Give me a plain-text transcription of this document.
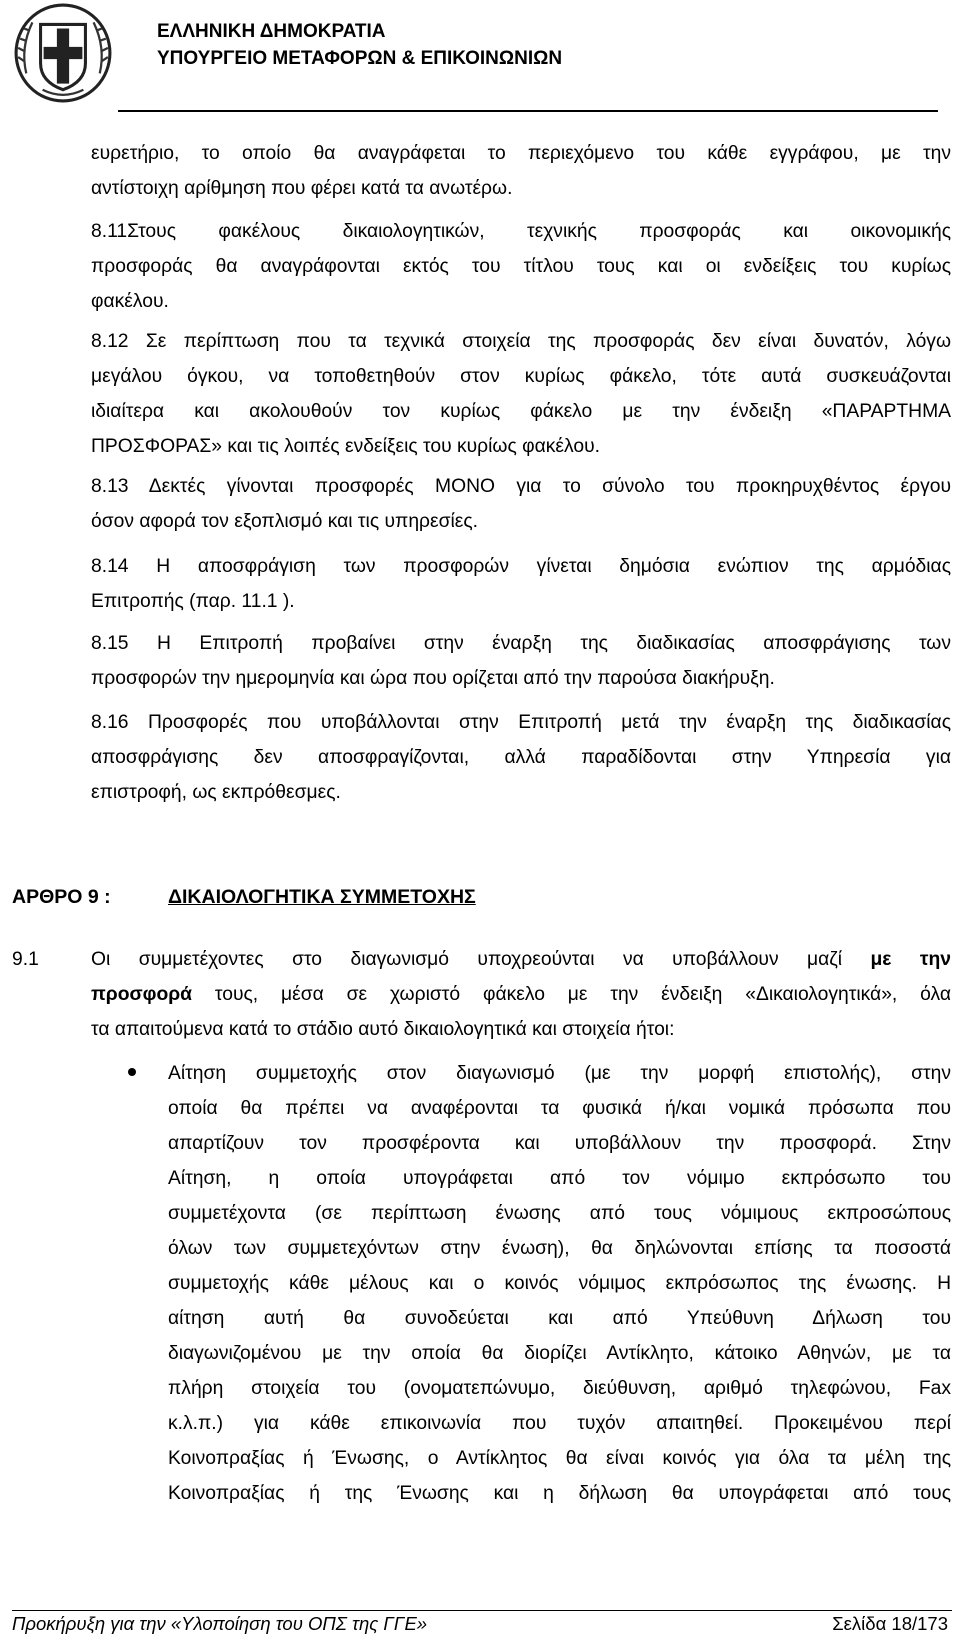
ΕΛΛΗΝΙΚΗ ΔΗΜΟΚΡΑΤΙΑ
ΥΠΟΥΡΓΕΙΟ ΜΕΤΑΦΟΡΩΝ & ΕΠΙΚΟΙΝΩΝΙΩΝ
ευρετήριο, το οποίο θα αναγράφεται το περιεχόμενο του κάθε εγγράφου, με την
αντίστοιχη αρίθμηση που φέρει κατά τα ανωτέρω.
8.11Στους φακέλους δικαιολογητικών, τεχνικής προσφοράς και οικονομικής
προσφοράς θα αναγράφονται εκτός του τίτλου τους και οι ενδείξεις του κυρίως
φακέλου.
8.12 Σε περίπτωση που τα τεχνικά στοιχεία της προσφοράς δεν είναι δυνατόν, λόγω
μεγάλου όγκου, να τοποθετηθούν στον κυρίως φάκελο, τότε αυτά συσκευάζονται
ιδιαίτερα και ακολουθούν τον κυρίως φάκελο με την ένδειξη «ΠΑΡΑΡΤΗΜΑ
ΠΡΟΣΦΟΡΑΣ» και τις λοιπές ενδείξεις του κυρίως φακέλου.
8.13 Δεκτές γίνονται προσφορές ΜΟΝΟ για το σύνολο του προκηρυχθέντος έργου
όσον αφορά τον εξοπλισμό και τις υπηρεσίες.
8.14 Η αποσφράγιση των προσφορών γίνεται δημόσια ενώπιον της αρμόδιας
Επιτροπής (παρ. 11.1 ).
8.15 Η Επιτροπή προβαίνει στην έναρξη της διαδικασίας αποσφράγισης των
προσφορών την ημερομηνία και ώρα που ορίζεται από την παρούσα διακήρυξη.
8.16 Προσφορές που υποβάλλονται στην Επιτροπή μετά την έναρξη της διαδικασίας
αποσφράγισης δεν αποσφραγίζονται, αλλά παραδίδονται στην Υπηρεσία για
επιστροφή, ως εκπρόθεσμες.
ΑΡΘΡΟ 9 :	ΔΙΚΑΙΟΛΟΓΗΤΙΚΑ ΣΥΜΜΕΤΟΧΗΣ
9.1	Οι συμμετέχοντες στο διαγωνισμό υποχρεούνται να υποβάλλουν μαζί με την
προσφορά τους, μέσα σε χωριστό φάκελο με την ένδειξη «Δικαιολογητικά», όλα
τα απαιτούμενα κατά το στάδιο αυτό δικαιολογητικά και στοιχεία ήτοι:
Αίτηση συμμετοχής στον διαγωνισμό (με την μορφή επιστολής), στην
οποία θα πρέπει να αναφέρονται τα φυσικά ή/και νομικά πρόσωπα που
απαρτίζουν τον προσφέροντα και υποβάλλουν την προσφορά. Στην
Αίτηση, η οποία υπογράφεται από τον νόμιμο εκπρόσωπο του
συμμετέχοντα (σε περίπτωση ένωσης από τους νόμιμους εκπροσώπους
όλων των συμμετεχόντων στην ένωση), θα δηλώνονται επίσης τα ποσοστά
συμμετοχής κάθε μέλους και ο κοινός νόμιμος εκπρόσωπος της ένωσης. Η
αίτηση αυτή θα συνοδεύεται και από Υπεύθυνη Δήλωση του
διαγωνιζομένου με την οποία θα διορίζει Αντίκλητο, κάτοικο Αθηνών, με τα
πλήρη στοιχεία του (ονοματεπώνυμο, διεύθυνση, αριθμό τηλεφώνου, Fax
κ.λ.π.) για κάθε επικοινωνία που τυχόν απαιτηθεί. Προκειμένου περί
Κοινοπραξίας ή Ένωσης, ο Αντίκλητος θα είναι κοινός για όλα τα μέλη της
Κοινοπραξίας ή της Ένωσης και η δήλωση θα υπογράφεται από τους
Προκήρυξη για την «Υλοποίηση του ΟΠΣ της ΓΓΕ»	Σελίδα 18/173
